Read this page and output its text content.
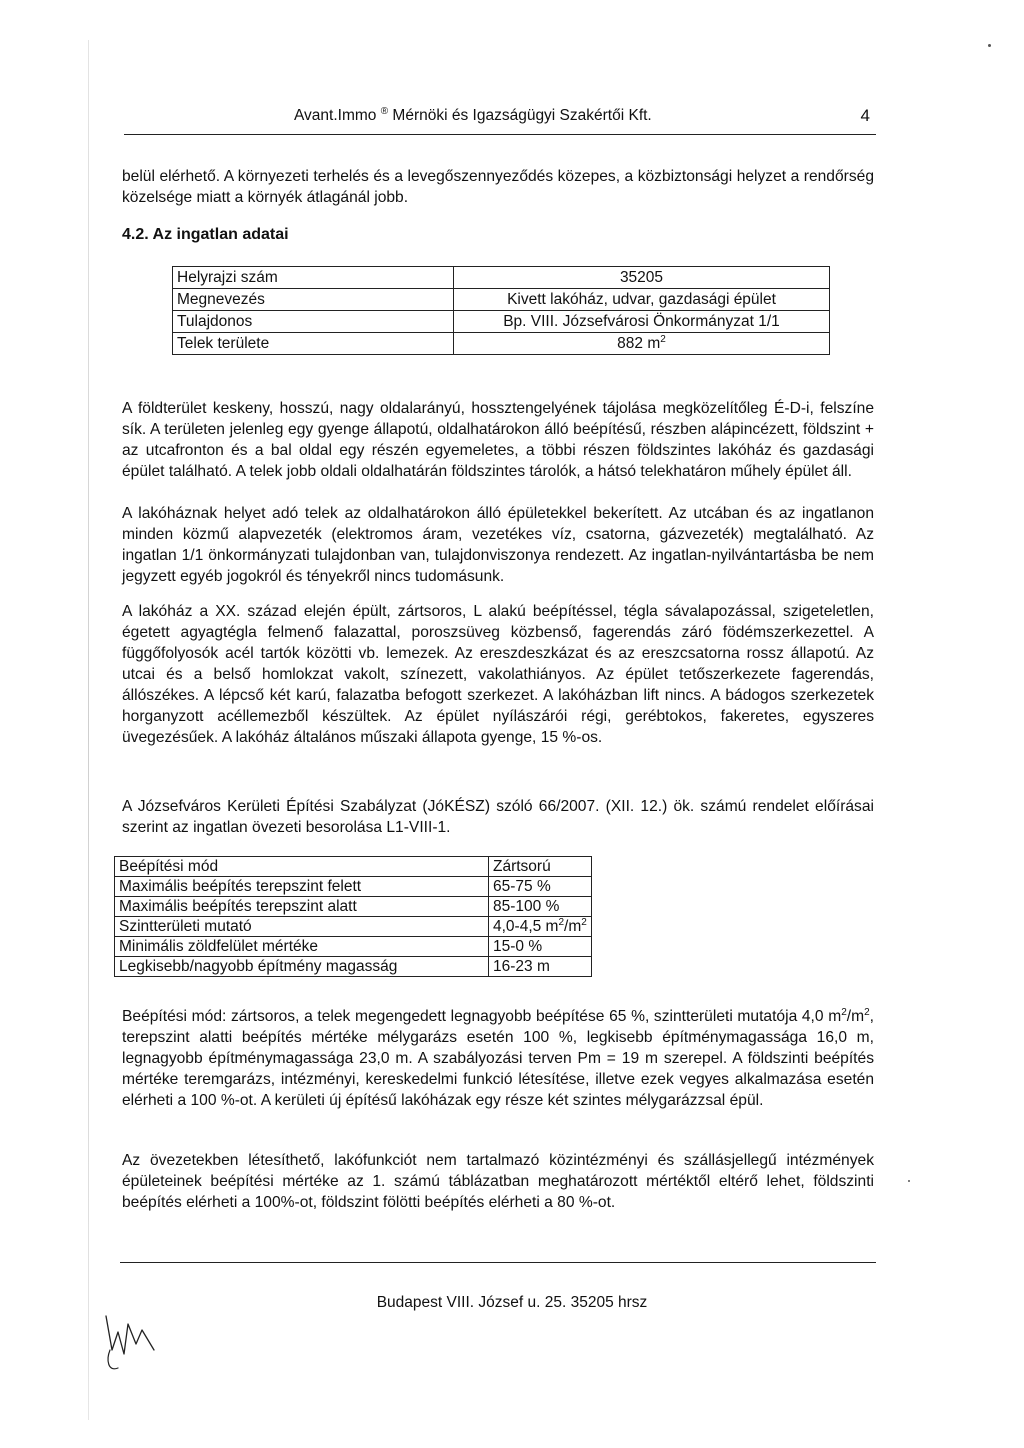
Avant.Immo ® Mérnöki és Igazságügyi Szakértői Kft.	4

belül elérhető. A környezeti terhelés és a levegőszennyeződés közepes, a közbiztonsági helyzet a rendőrség közelsége miatt a környék átlagánál jobb.

4.2. Az ingatlan adatai
Helyrajzi szám	35205
Megnevezés	Kivett lakóház, udvar, gazdasági épület
Tulajdonos	Bp. VIII. Józsefvárosi Önkormányzat 1/1
Telek területe	882 $m^2$

A földterület keskeny, hosszú, nagy oldalarányú, hossztengelyének tájolása megközelítőleg É-D-i, felszíne sík. A területen jelenleg egy gyenge állapotú, oldalhatárokon álló beépítésű, részben alápincézett, földszint + az utcafronton és a bal oldal egy részén egyemeletes, a többi részen földszintes lakóház és gazdasági épület található. A telek jobb oldali oldalhatárán földszintes tárolók, a hátsó telekhatáron műhely épület áll.

A lakóháznak helyet adó telek az oldalhatárokon álló épületekkel bekerített. Az utcában és az ingatlanon minden közmű alapvezeték (elektromos áram, vezetékes víz, csatorna, gázvezeték) megtalálható. Az ingatlan 1/1 önkormányzati tulajdonban van, tulajdonviszonya rendezett. Az ingatlan-nyilvántartásba be nem jegyzett egyéb jogokról és tényekről nincs tudomásunk.

A lakóház a XX. század elején épült, zártsoros, L alakú beépítéssel, tégla sávalapozással, szigeteletlen, égetett agyagtégla felmenő falazattal, poroszsüveg közbenső, fagerendás záró födémszerkezettel. A függőfolyosók acél tartók közötti vb. lemezek. Az ereszdeszkázat és az ereszcsatorna rossz állapotú. Az utcai és a belső homlokzat vakolt, színezett, vakolathiányos. Az épület tetőszerkezete fagerendás, állószékes. A lépcső két karú, falazatba befogott szerkezet. A lakóházban lift nincs. A bádogos szerkezetek horganyzott acéllemezből készültek. Az épület nyílászárói régi, gerébtokos, fakeretes, egyszeres üvegezésűek. A lakóház általános műszaki állapota gyenge, 15 %-os.

A Józsefváros Kerületi Építési Szabályzat (JóKÉSZ) szóló 66/2007. (XII. 12.) ök. számú rendelet előírásai szerint az ingatlan övezeti besorolása L1-VIII-1.

Beépítési mód	Zártsorú
Maximális beépítés terepszint felett	65-75 %
Maximális beépítés terepszint alatt	85-100 %
Szintterületi mutató	4,0-4,5 $m^2/m^2$
Minimális zöldfelület mértéke	15-0 %
Legkisebb/nagyobb építmény magasság	16-23 m

Beépítési mód: zártsoros, a telek megengedett legnagyobb beépítése 65 %, szintterületi mutatója 4,0 $m^2/m^2$, terepszint alatti beépítés mértéke mélygarázs esetén 100 %, legkisebb építménymagassága 16,0 m, legnagyobb építménymagassága 23,0 m. A szabályozási terven Pm = 19 m szerepel. A földszinti beépítés mértéke teremgarázs, intézményi, kereskedelmi funkció létesítése, illetve ezek vegyes alkalmazása esetén elérheti a 100 %-ot. A kerületi új építésű lakóházak egy része két szintes mélygarázzsal épül.

Az övezetekben létesíthető, lakófunkciót nem tartalmazó közintézményi és szállásjellegű intézmények épületeinek beépítési mértéke az 1. számú táblázatban meghatározott mértéktől eltérő lehet, földszinti beépítés elérheti a 100%-ot, földszint fölötti beépítés elérheti a 80 %-ot.

Budapest VIII. József u. 25. 35205 hrsz
